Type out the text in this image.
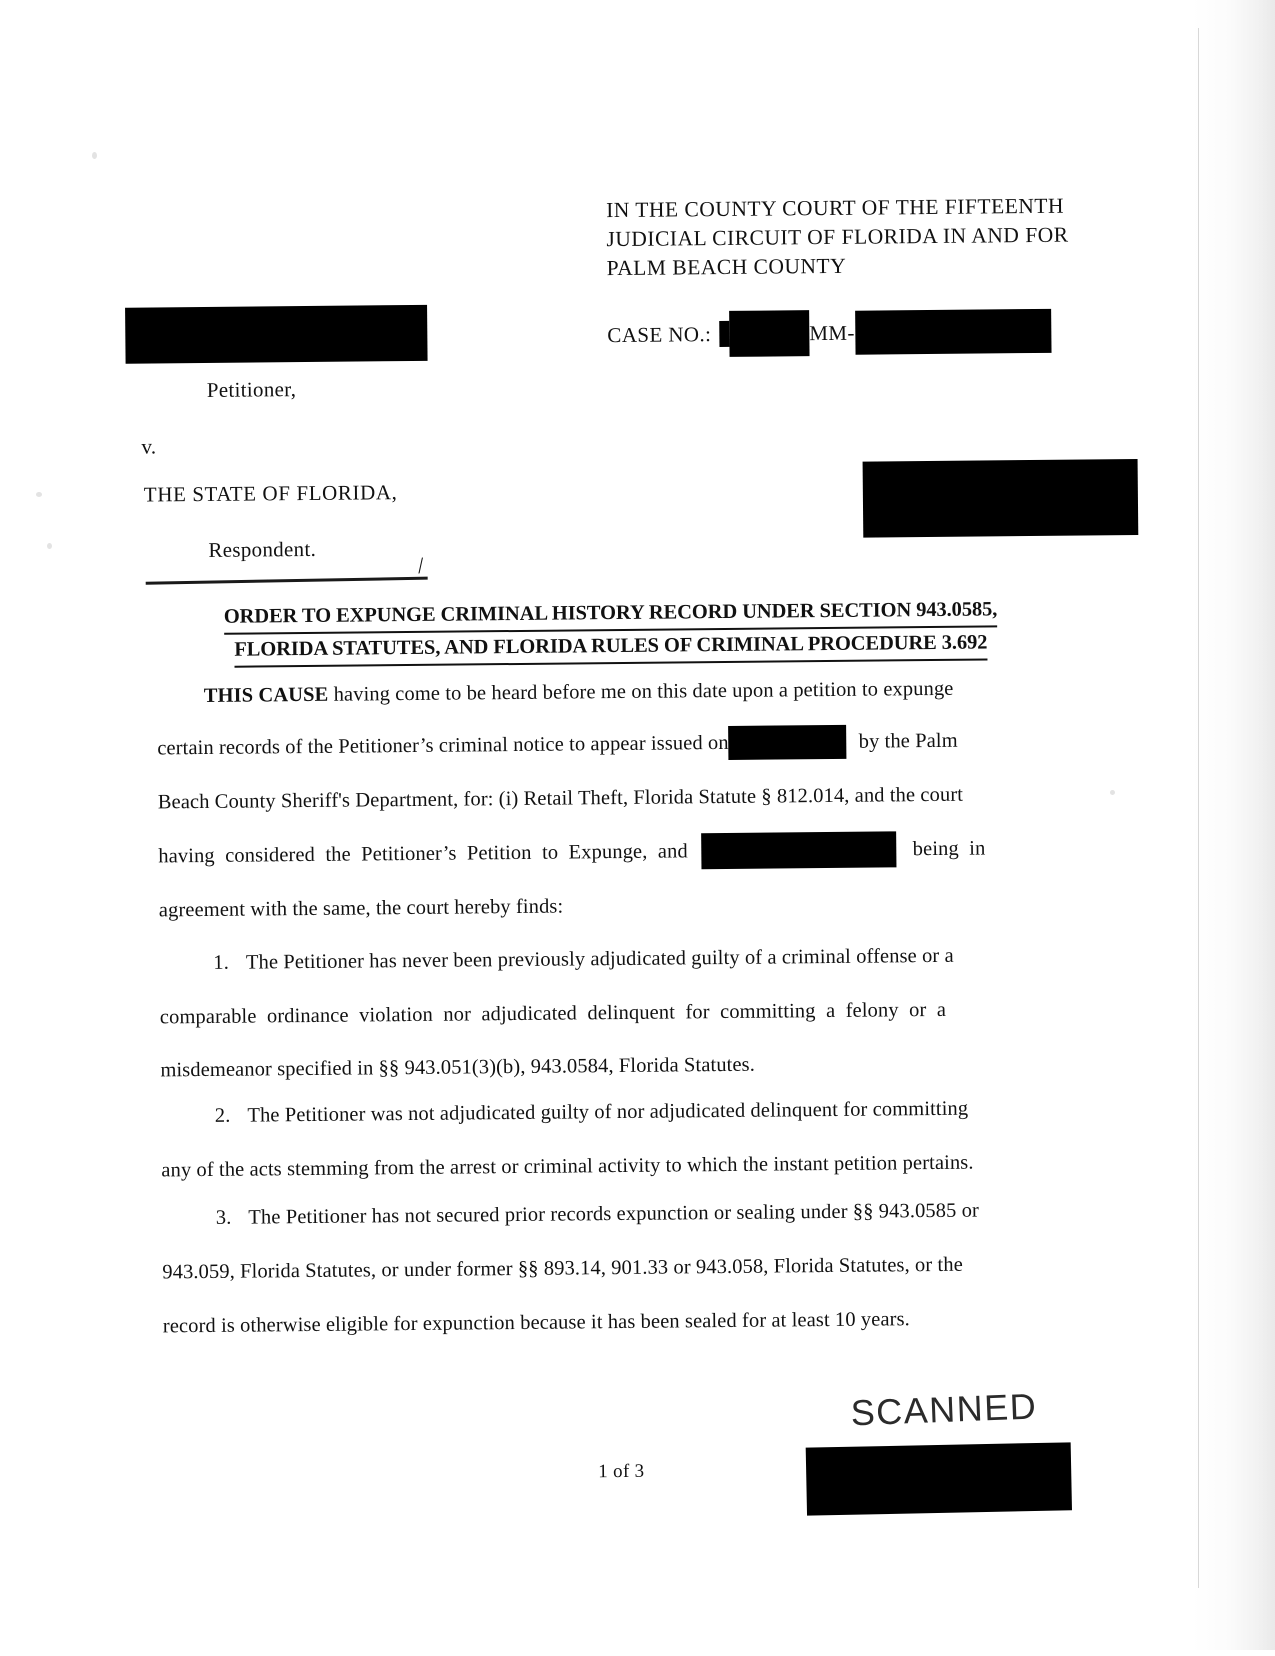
IN THE COUNTY COURT OF THE FIFTEENTH
JUDICIAL CIRCUIT OF FLORIDA IN AND FOR
PALM BEACH COUNTY
CASE NO.:	MM-
Petitioner,
v.
THE STATE OF FLORIDA,
Respondent.
/
ORDER TO EXPUNGE CRIMINAL HISTORY RECORD UNDER SECTION 943.0585,
FLORIDA STATUTES, AND FLORIDA RULES OF CRIMINAL PROCEDURE 3.692
THIS CAUSE having come to be heard before me on this date upon a petition to expunge
certain records of the Petitioner’s criminal notice to appear issued on	by the Palm
Beach County Sheriff's Department, for: (i) Retail Theft, Florida Statute § 812.014, and the court
having  considered  the  Petitioner’s  Petition  to  Expunge,  and	being  in
agreement with the same, the court hereby finds:
1. The Petitioner has never been previously adjudicated guilty of a criminal offense or a
comparable  ordinance  violation  nor  adjudicated  delinquent  for  committing  a  felony  or  a
misdemeanor specified in §§ 943.051(3)(b), 943.0584, Florida Statutes.
2. The Petitioner was not adjudicated guilty of nor adjudicated delinquent for committing
any of the acts stemming from the arrest or criminal activity to which the instant petition pertains.
3. The Petitioner has not secured prior records expunction or sealing under §§ 943.0585 or
943.059, Florida Statutes, or under former §§ 893.14, 901.33 or 943.058, Florida Statutes, or the
record is otherwise eligible for expunction because it has been sealed for at least 10 years.
SCANNED
1 of 3
